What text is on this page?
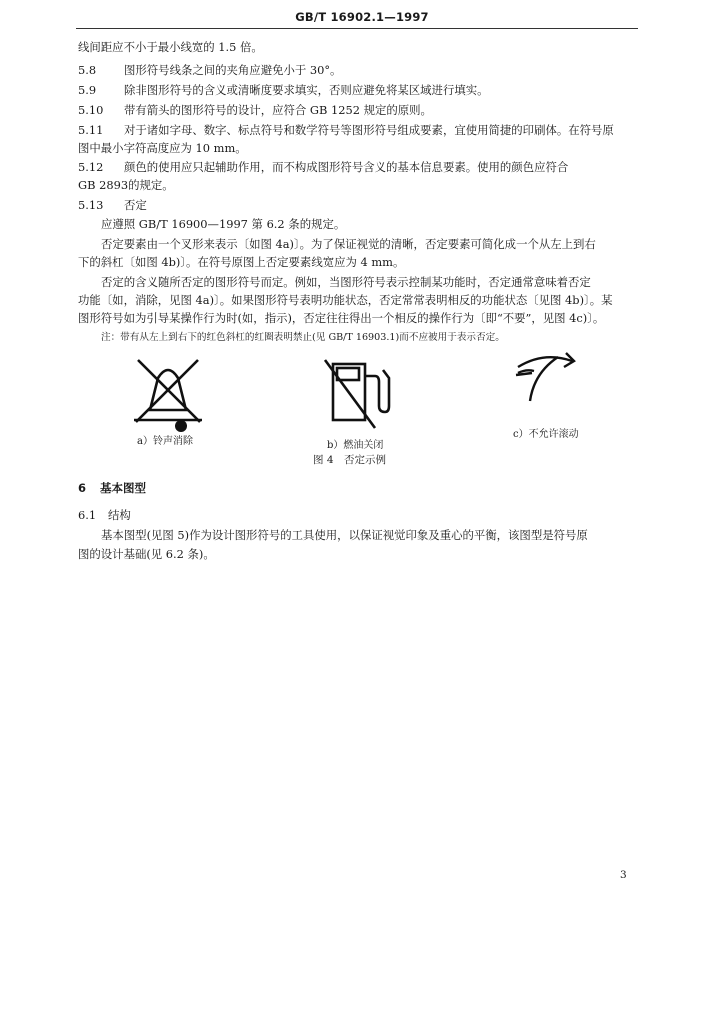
GB/T 16902.1—1997
线间距应不小于最小线宽的 1.5 倍。
5.8 图形符号线条之间的夹角应避免小于 30°。
5.9 除非图形符号的含义或清晰度要求填实，否则应避免将某区域进行填实。
5.10 带有箭头的图形符号的设计，应符合 GB 1252 规定的原则。
5.11 对于诸如字母、数字、标点符号和数学符号等图形符号组成要素，宜使用简捷的印刷体。在符号原
图中最小字符高度应为 10 mm。
5.12 颜色的使用应只起辅助作用，而不构成图形符号含义的基本信息要素。使用的颜色应符合
GB 2893的规定。
5.13 否定
应遵照 GB/T 16900—1997 第 6.2 条的规定。
否定要素由一个叉形来表示〔如图 4a)〕。为了保证视觉的清晰，否定要素可简化成一个从左上到右
下的斜杠〔如图 4b)〕。在符号原图上否定要素线宽应为 4 mm。
否定的含义随所否定的图形符号而定。例如，当图形符号表示控制某功能时，否定通常意味着否定
功能〔如，消除，见图 4a)〕。如果图形符号表明功能状态，否定常常表明相反的功能状态〔见图 4b)〕。某
图形符号如为引导某操作行为时(如，指示)，否定往往得出一个相反的操作行为〔即“不要”，见图 4c)〕。
注：带有从左上到右下的红色斜杠的红圈表明禁止(见 GB/T 16903.1)而不应被用于表示否定。
a）铃声消除	b）燃油关闭
c）不允许滚动
图 4　否定示例
6 基本图型
6.1 结构
基本图型(见图 5)作为设计图形符号的工具使用，以保证视觉印象及重心的平衡，该图型是符号原
图的设计基础(见 6.2 条)。
3
